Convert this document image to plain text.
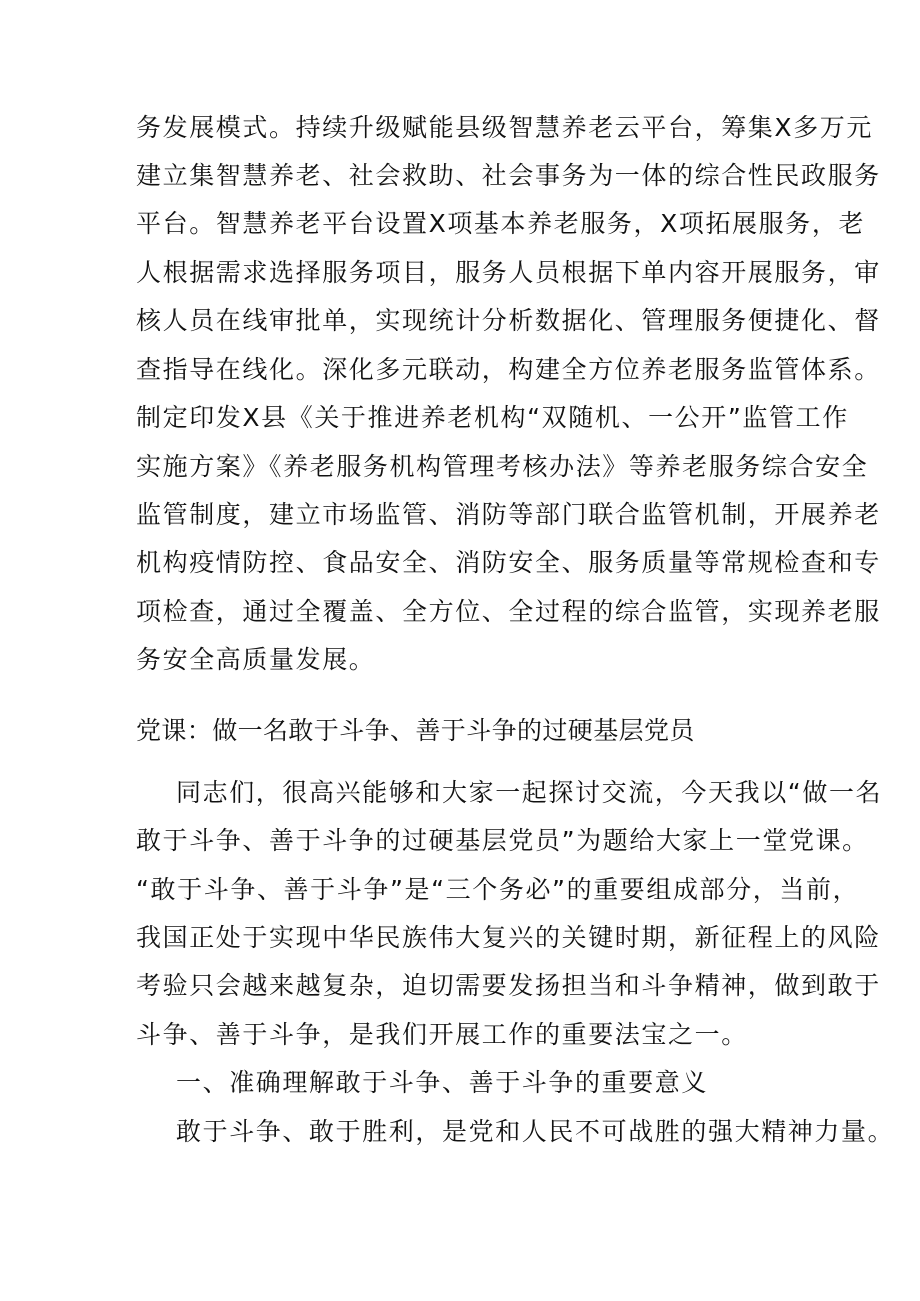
务发展模式。持续升级赋能县级智慧养老云平台，筹集X多万元
建立集智慧养老、社会救助、社会事务为一体的综合性民政服务
平台。智慧养老平台设置X项基本养老服务，X项拓展服务，老
人根据需求选择服务项目，服务人员根据下单内容开展服务，审
核人员在线审批单，实现统计分析数据化、管理服务便捷化、督
查指导在线化。深化多元联动，构建全方位养老服务监管体系。
制定印发X县《关于推进养老机构“双随机、一公开”监管工作
实施方案》《养老服务机构管理考核办法》等养老服务综合安全
监管制度，建立市场监管、消防等部门联合监管机制，开展养老
机构疫情防控、食品安全、消防安全、服务质量等常规检查和专
项检查，通过全覆盖、全方位、全过程的综合监管，实现养老服
务安全高质量发展。
党课：做一名敢于斗争、善于斗争的过硬基层党员
同志们，很高兴能够和大家一起探讨交流，今天我以“做一名
敢于斗争、善于斗争的过硬基层党员”为题给大家上一堂党课。
“敢于斗争、善于斗争”是“三个务必”的重要组成部分，当前，
我国正处于实现中华民族伟大复兴的关键时期，新征程上的风险
考验只会越来越复杂，迫切需要发扬担当和斗争精神，做到敢于
斗争、善于斗争，是我们开展工作的重要法宝之一。
一、准确理解敢于斗争、善于斗争的重要意义
敢于斗争、敢于胜利，是党和人民不可战胜的强大精神力量。
